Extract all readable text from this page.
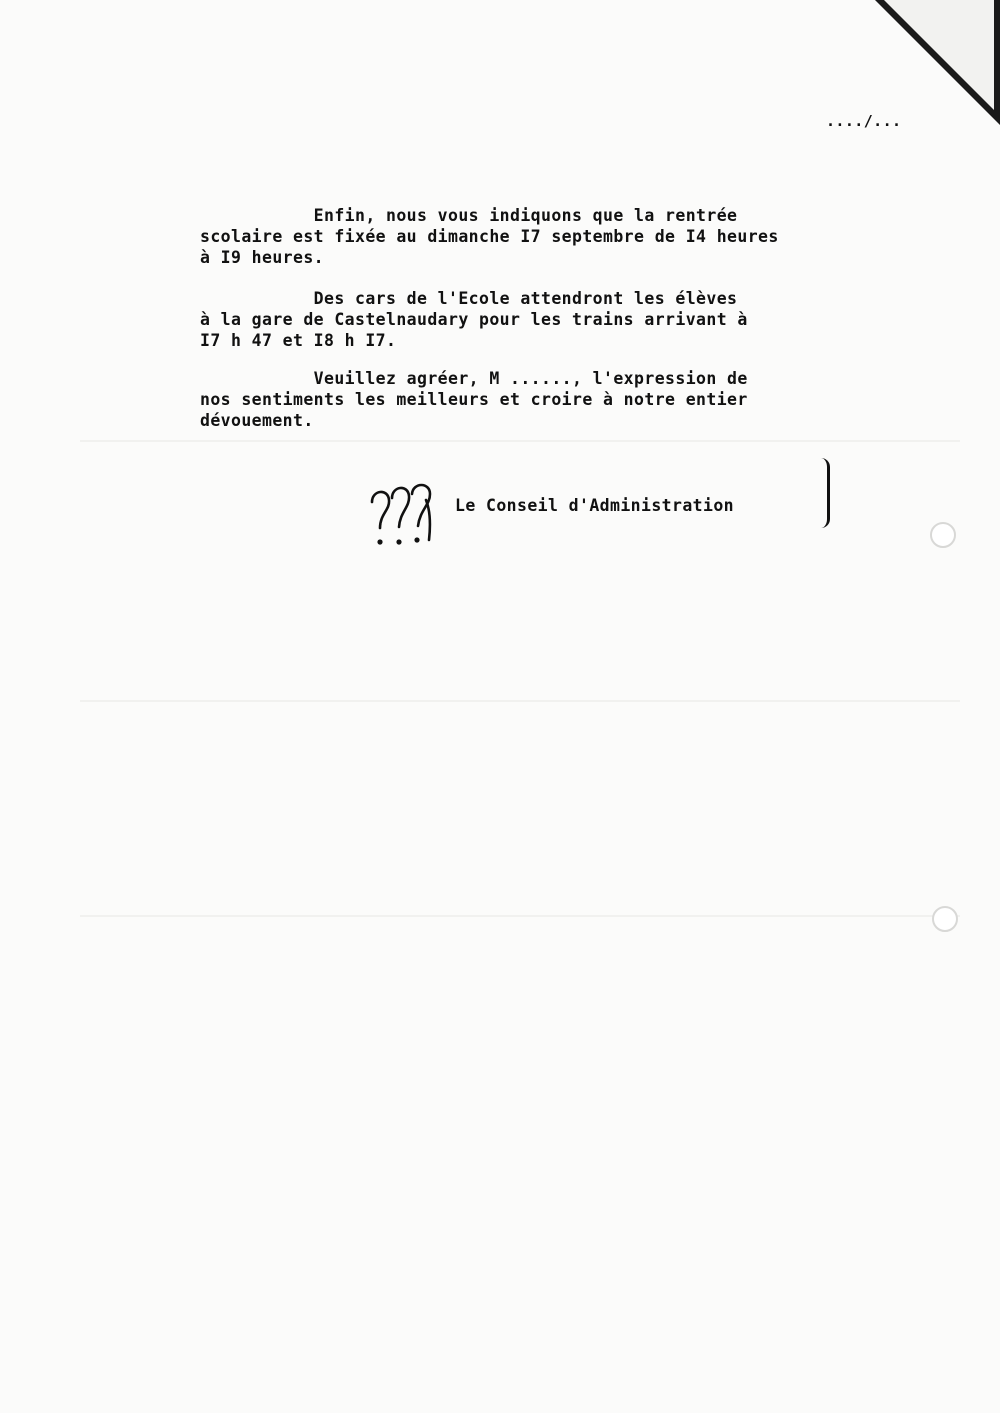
..../...

Enfin, nous vous indiquons que la rentrée
scolaire est fixée au dimanche I7 septembre de I4 heures
à I9 heures.
Des cars de l'Ecole attendront les élèves
à la gare de Castelnaudary pour les trains arrivant à
I7 h 47 et I8 h I7.
Veuillez agréer, M ......, l'expression de
nos sentiments les meilleurs et croire à notre entier
dévouement.

Le Conseil d'Administration
